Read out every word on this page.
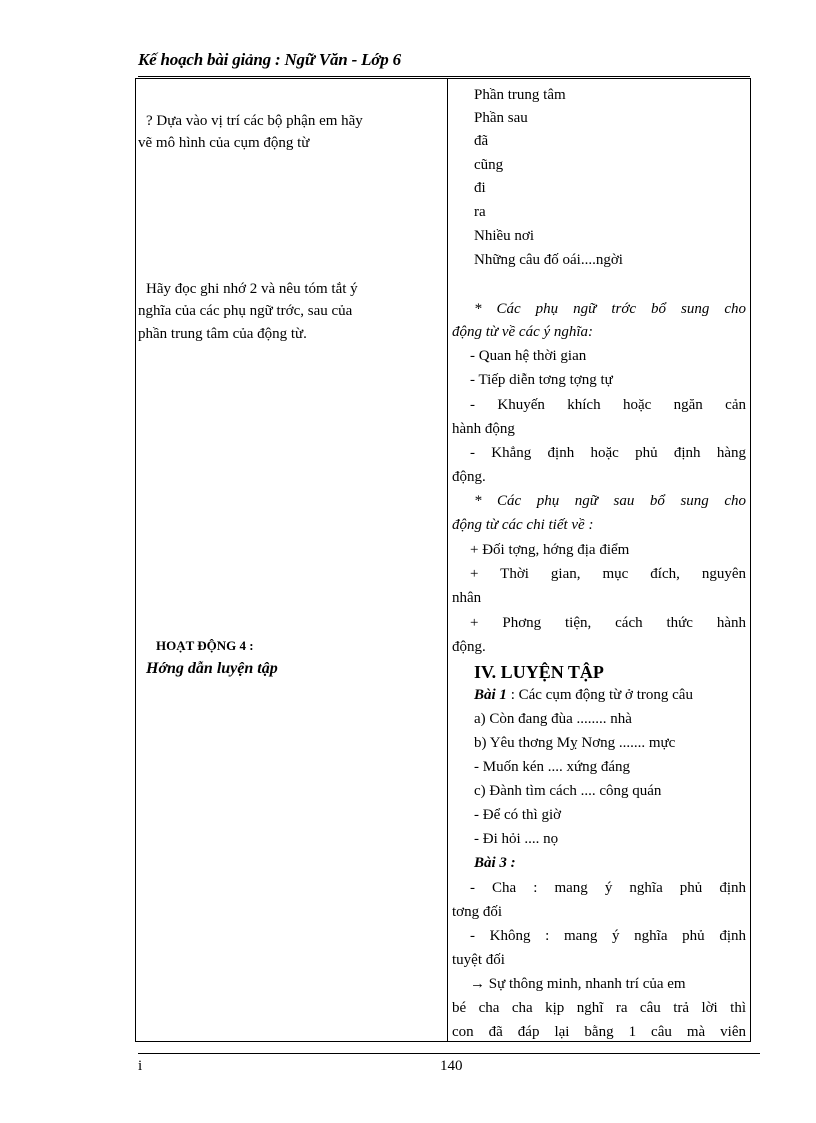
Kế hoạch bài giảng : Ngữ Văn - Lớp 6
? Dựa vào vị trí các bộ phận em hãy
vẽ mô hình của cụm động từ
Hãy đọc ghi nhớ 2 và nêu tóm tắt ý
nghĩa của các phụ ngữ trớc, sau của
phần trung tâm của động từ.
HOẠT ĐỘNG 4 :
Hớng dẫn luyện tập
Phần trung tâm
Phần sau
đã
cũng
đi
ra
Nhiều nơi
Những câu đố oái....ngời
* Các phụ ngữ trớc bổ sung cho
động từ về các ý nghĩa:
- Quan hệ thời gian
- Tiếp diễn tơng tợng tự
- Khuyến khích hoặc ngăn cản
hành động
- Khẳng định hoặc phủ định hàng
động.
* Các phụ ngữ sau bổ sung cho
động từ các chi tiết về :
+ Đối tợng, hớng địa điểm
+ Thời gian, mục đích, nguyên
nhân
+ Phơng tiện, cách thức hành
động.
IV. LUYỆN TẬP
Bài 1 : Các cụm động từ ở trong câu
a) Còn đang đùa ........ nhà
b) Yêu thơng Mỵ Nơng ....... mực
- Muốn kén .... xứng đáng
c) Đành tìm cách .... công quán
- Để có thì giờ
- Đi hỏi .... nọ
Bài 3 :
- Cha : mang ý nghĩa phủ định
tơng đối
- Không : mang ý nghĩa phủ định
tuyệt đối
→ Sự thông minh, nhanh trí của em
bé cha cha kịp nghĩ ra câu trả lời thì
con đã đáp lại bằng 1 câu mà viên
i	140
